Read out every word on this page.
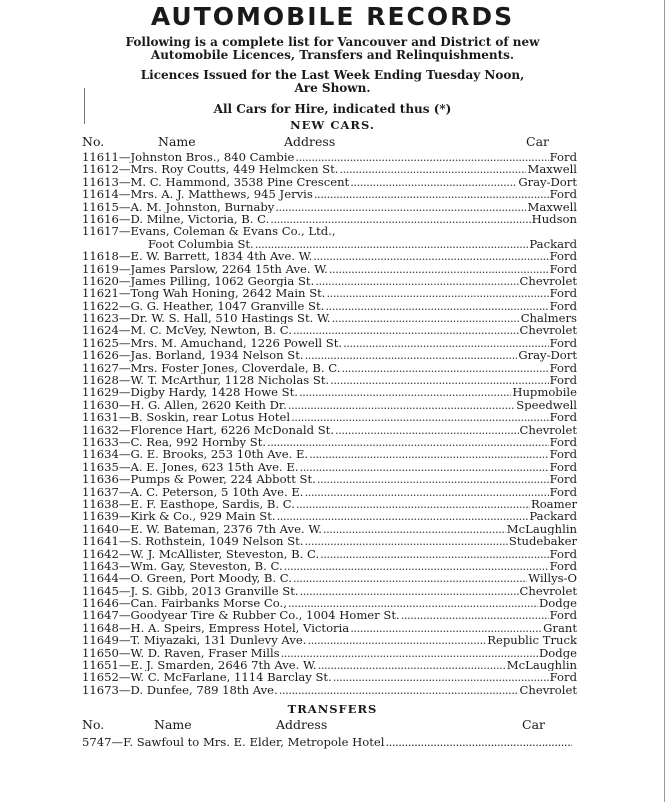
AUTOMOBILE RECORDS
Following is a complete list for Vancouver and District of new
Automobile Licences, Transfers and Relinquishments.
Licences Issued for the Last Week Ending Tuesday Noon,
Are Shown.
All Cars for Hire, indicated thus (*)
NEW CARS.
No.	Name	Address	Car
11611—Johnston Bros., 840 Cambie .....	Ford
11612—Mrs. Roy Coutts, 449 Helmcken St. .....	Maxwell
11613—M. C. Hammond, 3538 Pine Crescent .....	Gray-Dort
11614—Mrs. A. J. Matthews, 945 Jervis .....	Ford
11615—A. M. Johnston, Burnaby .....	Maxwell
11616—D. Milne, Victoria, B. C. .....	Hudson
11617—Evans, Coleman & Evans Co., Ltd.,
Foot Columbia St. .....	Packard
11618—E. W. Barrett, 1834 4th Ave. W. .....	Ford
11619—James Parslow, 2264 15th Ave. W. .....	Ford
11620—James Pilling, 1062 Georgia St. .....	Chevrolet
11621—Tong Wah Honing, 2642 Main St. .....	Ford
11622—G. G. Heather, 1047 Granville St. .....	Ford
11623—Dr. W. S. Hall, 510 Hastings St. W. .....	Chalmers
11624—M. C. McVey, Newton, B. C. .....	Chevrolet
11625—Mrs. M. Amuchand, 1226 Powell St. .....	Ford
11626—Jas. Borland, 1934 Nelson St. .....	Gray-Dort
11627—Mrs. Foster Jones, Cloverdale, B. C. .....	Ford
11628—W. T. McArthur, 1128 Nicholas St. .....	Ford
11629—Digby Hardy, 1428 Howe St. .....	Hupmobile
11630—H. G. Allen, 2620 Keith Dr. .....	Speedwell
11631—B. Soskin, rear Lotus Hotel .....	Ford
11632—Florence Hart, 6226 McDonald St. .....	Chevrolet
11633—C. Rea, 992 Hornby St. .....	Ford
11634—G. E. Brooks, 253 10th Ave. E. .....	Ford
11635—A. E. Jones, 623 15th Ave. E. .....	Ford
11636—Pumps & Power, 224 Abbott St. .....	Ford
11637—A. C. Peterson, 5 10th Ave. E. .....	Ford
11638—E. F. Easthope, Sardis, B. C. .....	Roamer
11639—Kirk & Co., 929 Main St. .....	Packard
11640—E. W. Bateman, 2376 7th Ave. W. .....	McLaughlin
11641—S. Rothstein, 1049 Nelson St. .....	Studebaker
11642—W. J. McAllister, Steveston, B. C. .....	Ford
11643—Wm. Gay, Steveston, B. C. .....	Ford
11644—O. Green, Port Moody, B. C. .....	Willys-O
11645—J. S. Gibb, 2013 Granville St. .....	Chevrolet
11646—Can. Fairbanks Morse Co., .....	Dodge
11647—Goodyear Tire & Rubber Co., 1004 Homer St. .....	Ford
11648—H. A. Speirs, Empress Hotel, Victoria .....	Grant
11649—T. Miyazaki, 131 Dunlevy Ave. .....	Republic Truck
11650—W. D. Raven, Fraser Mills .....	Dodge
11651—E. J. Smarden, 2646 7th Ave. W. .....	McLaughlin
11652—W. C. McFarlane, 1114 Barclay St. .....	Ford
11673—D. Dunfee, 789 18th Ave. .....	Chevrolet
TRANSFERS
No.	Name	Address	Car
5747—F. Sawfoul to Mrs. E. Elder, Metropole Hotel
.....
